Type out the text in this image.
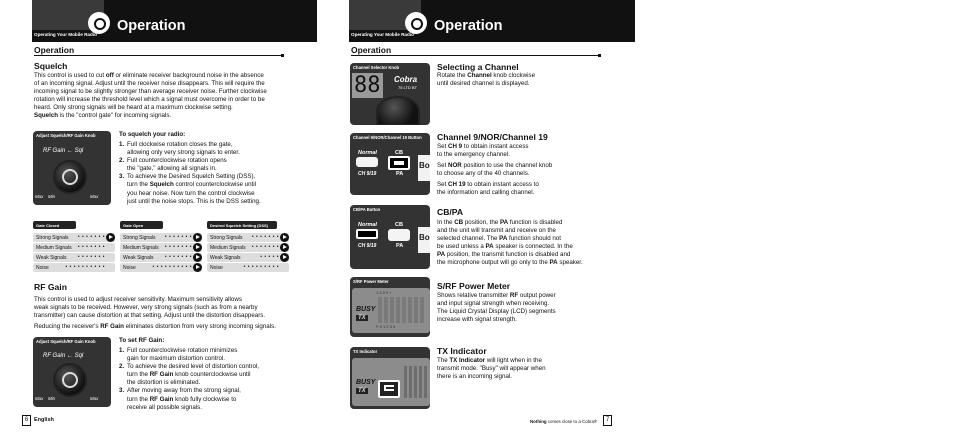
Operation
Operating Your Mobile Radio
Operation
Squelch
This control is used to cut off or eliminate receiver background noise in the absence
of an incoming signal. Adjust until the receiver noise disappears. This will require the
incoming signal to be slightly stronger than average receiver noise. Further clockwise
rotation will increase the threshold level which a signal must overcome in order to be
heard. Only strong signals will be heard at a maximum clockwise setting.
Squelch is the "control gate" for incoming signals.
Adjust Squelch/RF Gain Knob
RF Gain ← Sql
Max Min	Max
To squelch your radio:
1. Full clockwise rotation closes the gate,
allowing only very strong signals to enter.
2. Full counterclockwise rotation opens
the "gate," allowing all signals in.
3. To achieve the Desired Squelch Setting (DSS),
turn the Squelch control counterclockwise until
you hear noise. Now turn the control clockwise
just until the noise stops. This is the DSS setting.
Gate Closed
Strong Signals • • • • • • •
Medium Signals • • • • • • •
Weak Signals • • • • • • •
Noise	• • • • • • • • • •
Gate Open
Strong Signals • • • • • • •
Medium Signals • • • • • • •
Weak Signals • • • • • • •
Noise	• • • • • • • • • •
Desired Squelch Setting (DSS)
Strong Signals • • • • • • •
Medium Signals • • • • • • •
Weak Signals	• • • • •
Noise	• • • • • • • • •
RF Gain
This control is used to adjust receiver sensitivity. Maximum sensitivity allows
weak signals to be received. However, very strong signals (such as from a nearby
transmitter) can cause distortion at that setting. Adjust until the distortion disappears.
Reducing the receiver's RF Gain eliminates distortion from very strong incoming signals.
Adjust Squelch/RF Gain Knob
RF Gain ← Sql
Max Min	Max
To set RF Gain:
1. Full counterclockwise rotation minimizes
gain for maximum distortion control.
2. To achieve the desired level of distortion control,
turn the RF Gain knob counterclockwise until
the distortion is eliminated.
3. After moving away from the strong signal,
turn the RF Gain knob fully clockwise to
receive all possible signals.
6	English
Operation
Operating Your Mobile Radio
Operation
Channel Selector Knob
88 Cobra
75 LTD BT
Selecting a Channel
Rotate the Channel knob clockwise
until desired channel is displayed.
Channel 9/NOR/Channel 19 Button
Normal
CH 9/19
CB
PA
Bo
Channel 9/NOR/Channel 19
Set CH 9 to obtain instant access
to the emergency channel.
Set NOR position to use the channel knob
to choose any of the 40 channels.
Set CH 19 to obtain instant access to
the information and calling channel.
CB/PA Button
Normal
CH 9/19
CB
PA
Bo
CB/PA
In the CB position, the PA function is disabled
and the unit will transmit and receive on the
selected channel. The PA function should not
be used unless a PA speaker is connected. In the
PA position, the transmit function is disabled and
the microphone output will go only to the PA speaker.
S/RF Power Meter
1 3 5 9 +
BUSY
TX
P 0 1 2 3 4
S/RF Power Meter
Shows relative transmitter RF output power
and input signal strength when receiving.
The Liquid Crystal Display (LCD) segments
increase with signal strength.
TX Indicator
BUSY
TX
TX Indicator
The TX Indicator will light when in the
transmit mode. "Busy" will appear when
there is an incoming signal.
Nothing comes close to a Cobra®	7
